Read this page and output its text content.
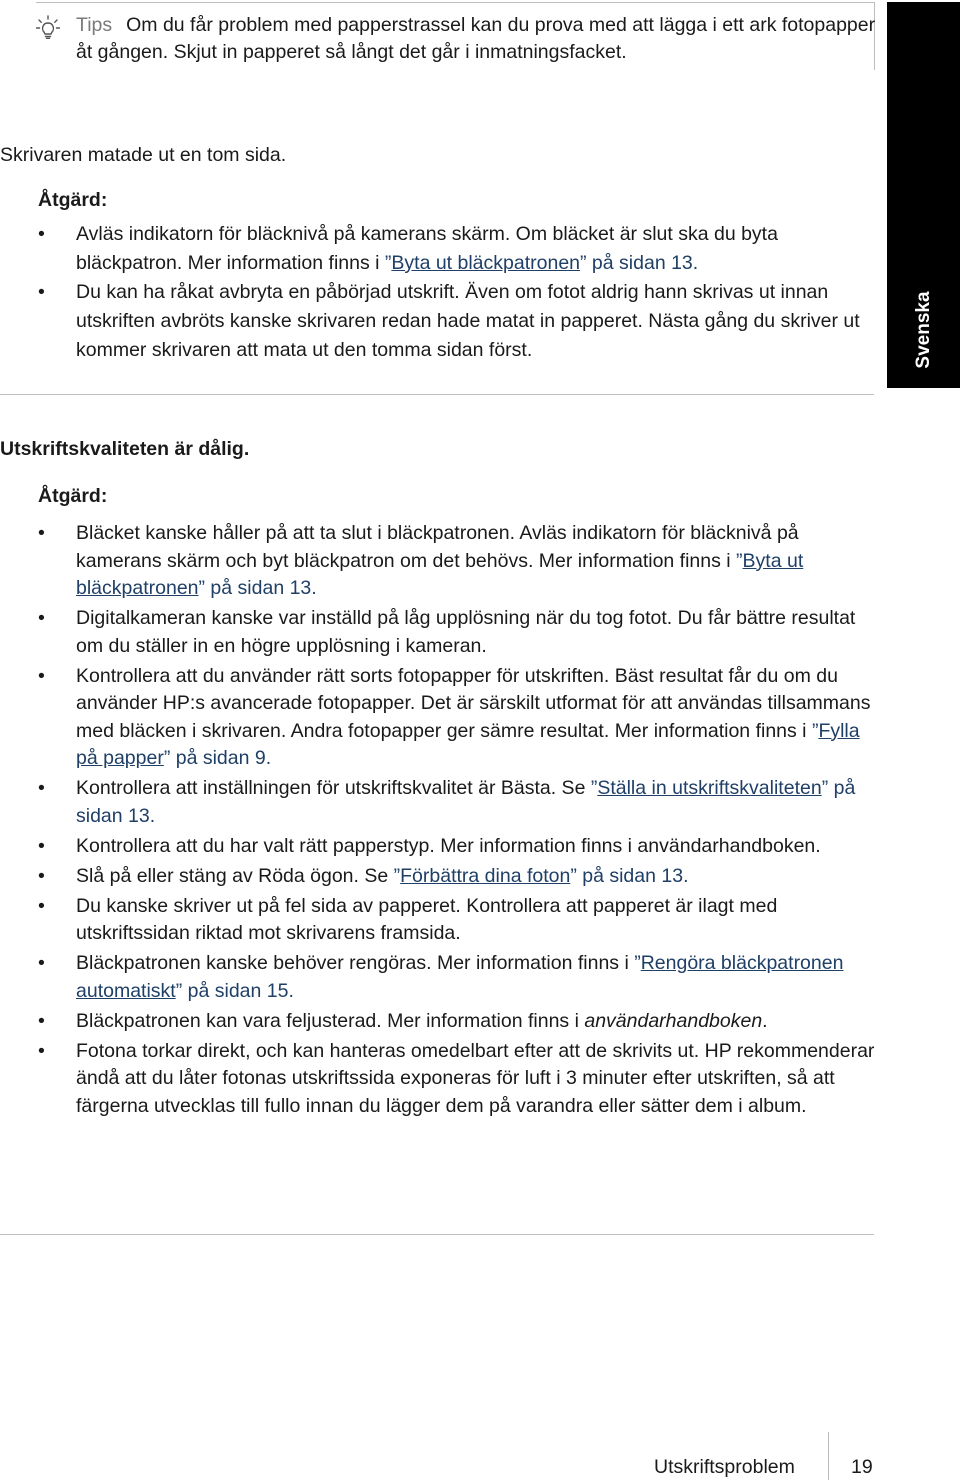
Tips Om du får problem med papperstrassel kan du prova med att lägga i ett ark fotopapper åt gången. Skjut in papperet så långt det går i inmatningsfacket.
Svenska

Skrivaren matade ut en tom sida.

Åtgärd:

• Avläs indikatorn för bläcknivå på kamerans skärm. Om bläcket är slut ska du byta bläckpatron. Mer information finns i ”Byta ut bläckpatronen” på sidan 13.
• Du kan ha råkat avbryta en påbörjad utskrift. Även om fotot aldrig hann skrivas ut innan utskriften avbröts kanske skrivaren redan hade matat in papperet. Nästa gång du skriver ut kommer skrivaren att mata ut den tomma sidan först.

Utskriftskvaliteten är dålig.

Åtgärd:

• Bläcket kanske håller på att ta slut i bläckpatronen. Avläs indikatorn för bläcknivå på kamerans skärm och byt bläckpatron om det behövs. Mer information finns i ”Byta ut bläckpatronen” på sidan 13.
• Digitalkameran kanske var inställd på låg upplösning när du tog fotot. Du får bättre resultat om du ställer in en högre upplösning i kameran.
• Kontrollera att du använder rätt sorts fotopapper för utskriften. Bäst resultat får du om du använder HP:s avancerade fotopapper. Det är särskilt utformat för att användas tillsammans med bläcken i skrivaren. Andra fotopapper ger sämre resultat. Mer information finns i ”Fylla på papper” på sidan 9.
• Kontrollera att inställningen för utskriftskvalitet är Bästa. Se ”Ställa in utskriftskvaliteten” på sidan 13.
• Kontrollera att du har valt rätt papperstyp. Mer information finns i användarhandboken.
• Slå på eller stäng av Röda ögon. Se ”Förbättra dina foton” på sidan 13.
• Du kanske skriver ut på fel sida av papperet. Kontrollera att papperet är ilagt med utskriftssidan riktad mot skrivarens framsida.
• Bläckpatronen kanske behöver rengöras. Mer information finns i ”Rengöra bläckpatronen automatiskt” på sidan 15.
• Bläckpatronen kan vara feljusterad. Mer information finns i användarhandboken.
• Fotona torkar direkt, och kan hanteras omedelbart efter att de skrivits ut. HP rekommenderar ändå att du låter fotonas utskriftssida exponeras för luft i 3 minuter efter utskriften, så att färgerna utvecklas till fullo innan du lägger dem på varandra eller sätter dem i album.
Utskriftsproblem	19
